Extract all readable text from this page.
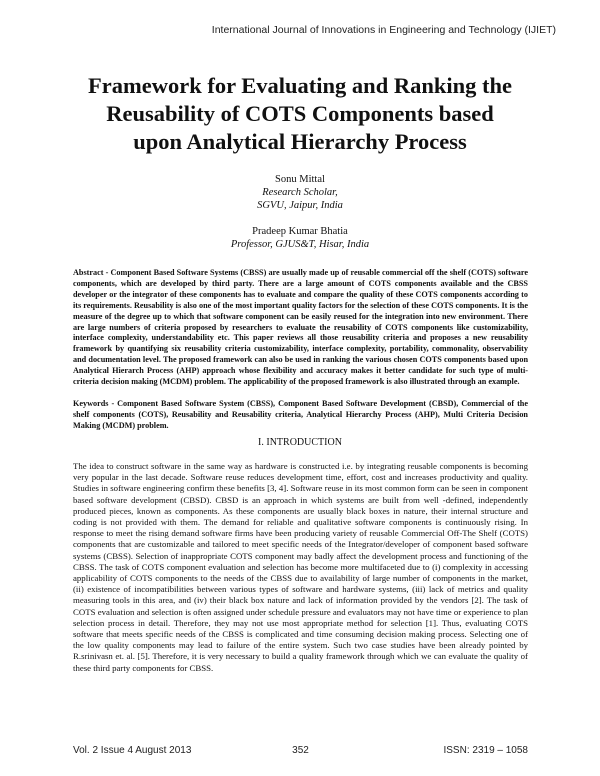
International Journal of Innovations in Engineering and Technology (IJIET)
Framework for Evaluating and Ranking the
Reusability of COTS Components based
upon Analytical Hierarchy Process
Sonu Mittal
Research Scholar,
SGVU, Jaipur, India
Pradeep Kumar Bhatia
Professor, GJUS&T, Hisar, India

Abstract - Component Based Software Systems (CBSS) are usually made up of reusable commercial off the shelf (COTS) software components, which are developed by third party. There are a large amount of COTS components available and the CBSS developer or the integrator of these components has to evaluate and compare the quality of these COTS components according to its requirements. Reusability is also one of the most important quality factors for the selection of these COTS components. It is the measure of the degree up to which that software component can be easily reused for the integration into new environment. There are large numbers of criteria proposed by researchers to evaluate the reusability of COTS components like customizability, interface complexity, understandability etc. This paper reviews all those reusability criteria and proposes a new reusability framework by quantifying six reusability criteria customizability, interface complexity, portability, commonality, observability and documentation level. The proposed framework can also be used in ranking the various chosen COTS components based upon Analytical Hierarch Process (AHP) approach whose flexibility and accuracy makes it better candidate for such type of multi-criteria decision making (MCDM) problem. The applicability of the proposed framework is also illustrated through an example.

Keywords - Component Based Software System (CBSS), Component Based Software Development (CBSD), Commercial of the shelf components (COTS), Reusability and Reusability criteria, Analytical Hierarchy Process (AHP), Multi Criteria Decision Making (MCDM) problem.

I. INTRODUCTION

The idea to construct software in the same way as hardware is constructed i.e. by integrating reusable components is becoming very popular in the last decade. Software reuse reduces development time, effort, cost and increases productivity and quality. Studies in software engineering confirm these benefits [3, 4]. Software reuse in its most common form can be seen in component based software development (CBSD). CBSD is an approach in which systems are built from well -defined, independently produced pieces, known as components. As these components are usually black boxes in nature, their internal structure and coding is not provided with them. The demand for reliable and qualitative software components is continuously rising. In response to meet the rising demand software firms have been producing variety of reusable Commercial Off-The Shelf (COTS) components that are customizable and tailored to meet specific needs of the Integrator/developer of component based software systems (CBSS). Selection of inappropriate COTS component may badly affect the development process and functioning of the CBSS. The task of COTS component evaluation and selection has become more multifaceted due to (i) complexity in accessing applicability of COTS components to the needs of the CBSS due to availability of large number of components in the market, (ii) existence of incompatibilities between various types of software and hardware systems, (iii) lack of metrics and quality measuring tools in this area, and (iv) their black box nature and lack of information provided by the vendors [2]. The task of COTS evaluation and selection is often assigned under schedule pressure and evaluators may not have time or experience to plan selection process in detail. Therefore, they may not use most appropriate method for selection [1]. Thus, evaluating COTS software that meets specific needs of the CBSS is complicated and time consuming decision making process. Selecting one of the low quality components may lead to failure of the entire system. Such two case studies have been already pointed by R.srinivasn et. al. [5]. Therefore, it is very necessary to build a quality framework through which we can evaluate the quality of these third party components for CBSS.

Vol. 2 Issue 4 August 2013	352	ISSN: 2319 – 1058
